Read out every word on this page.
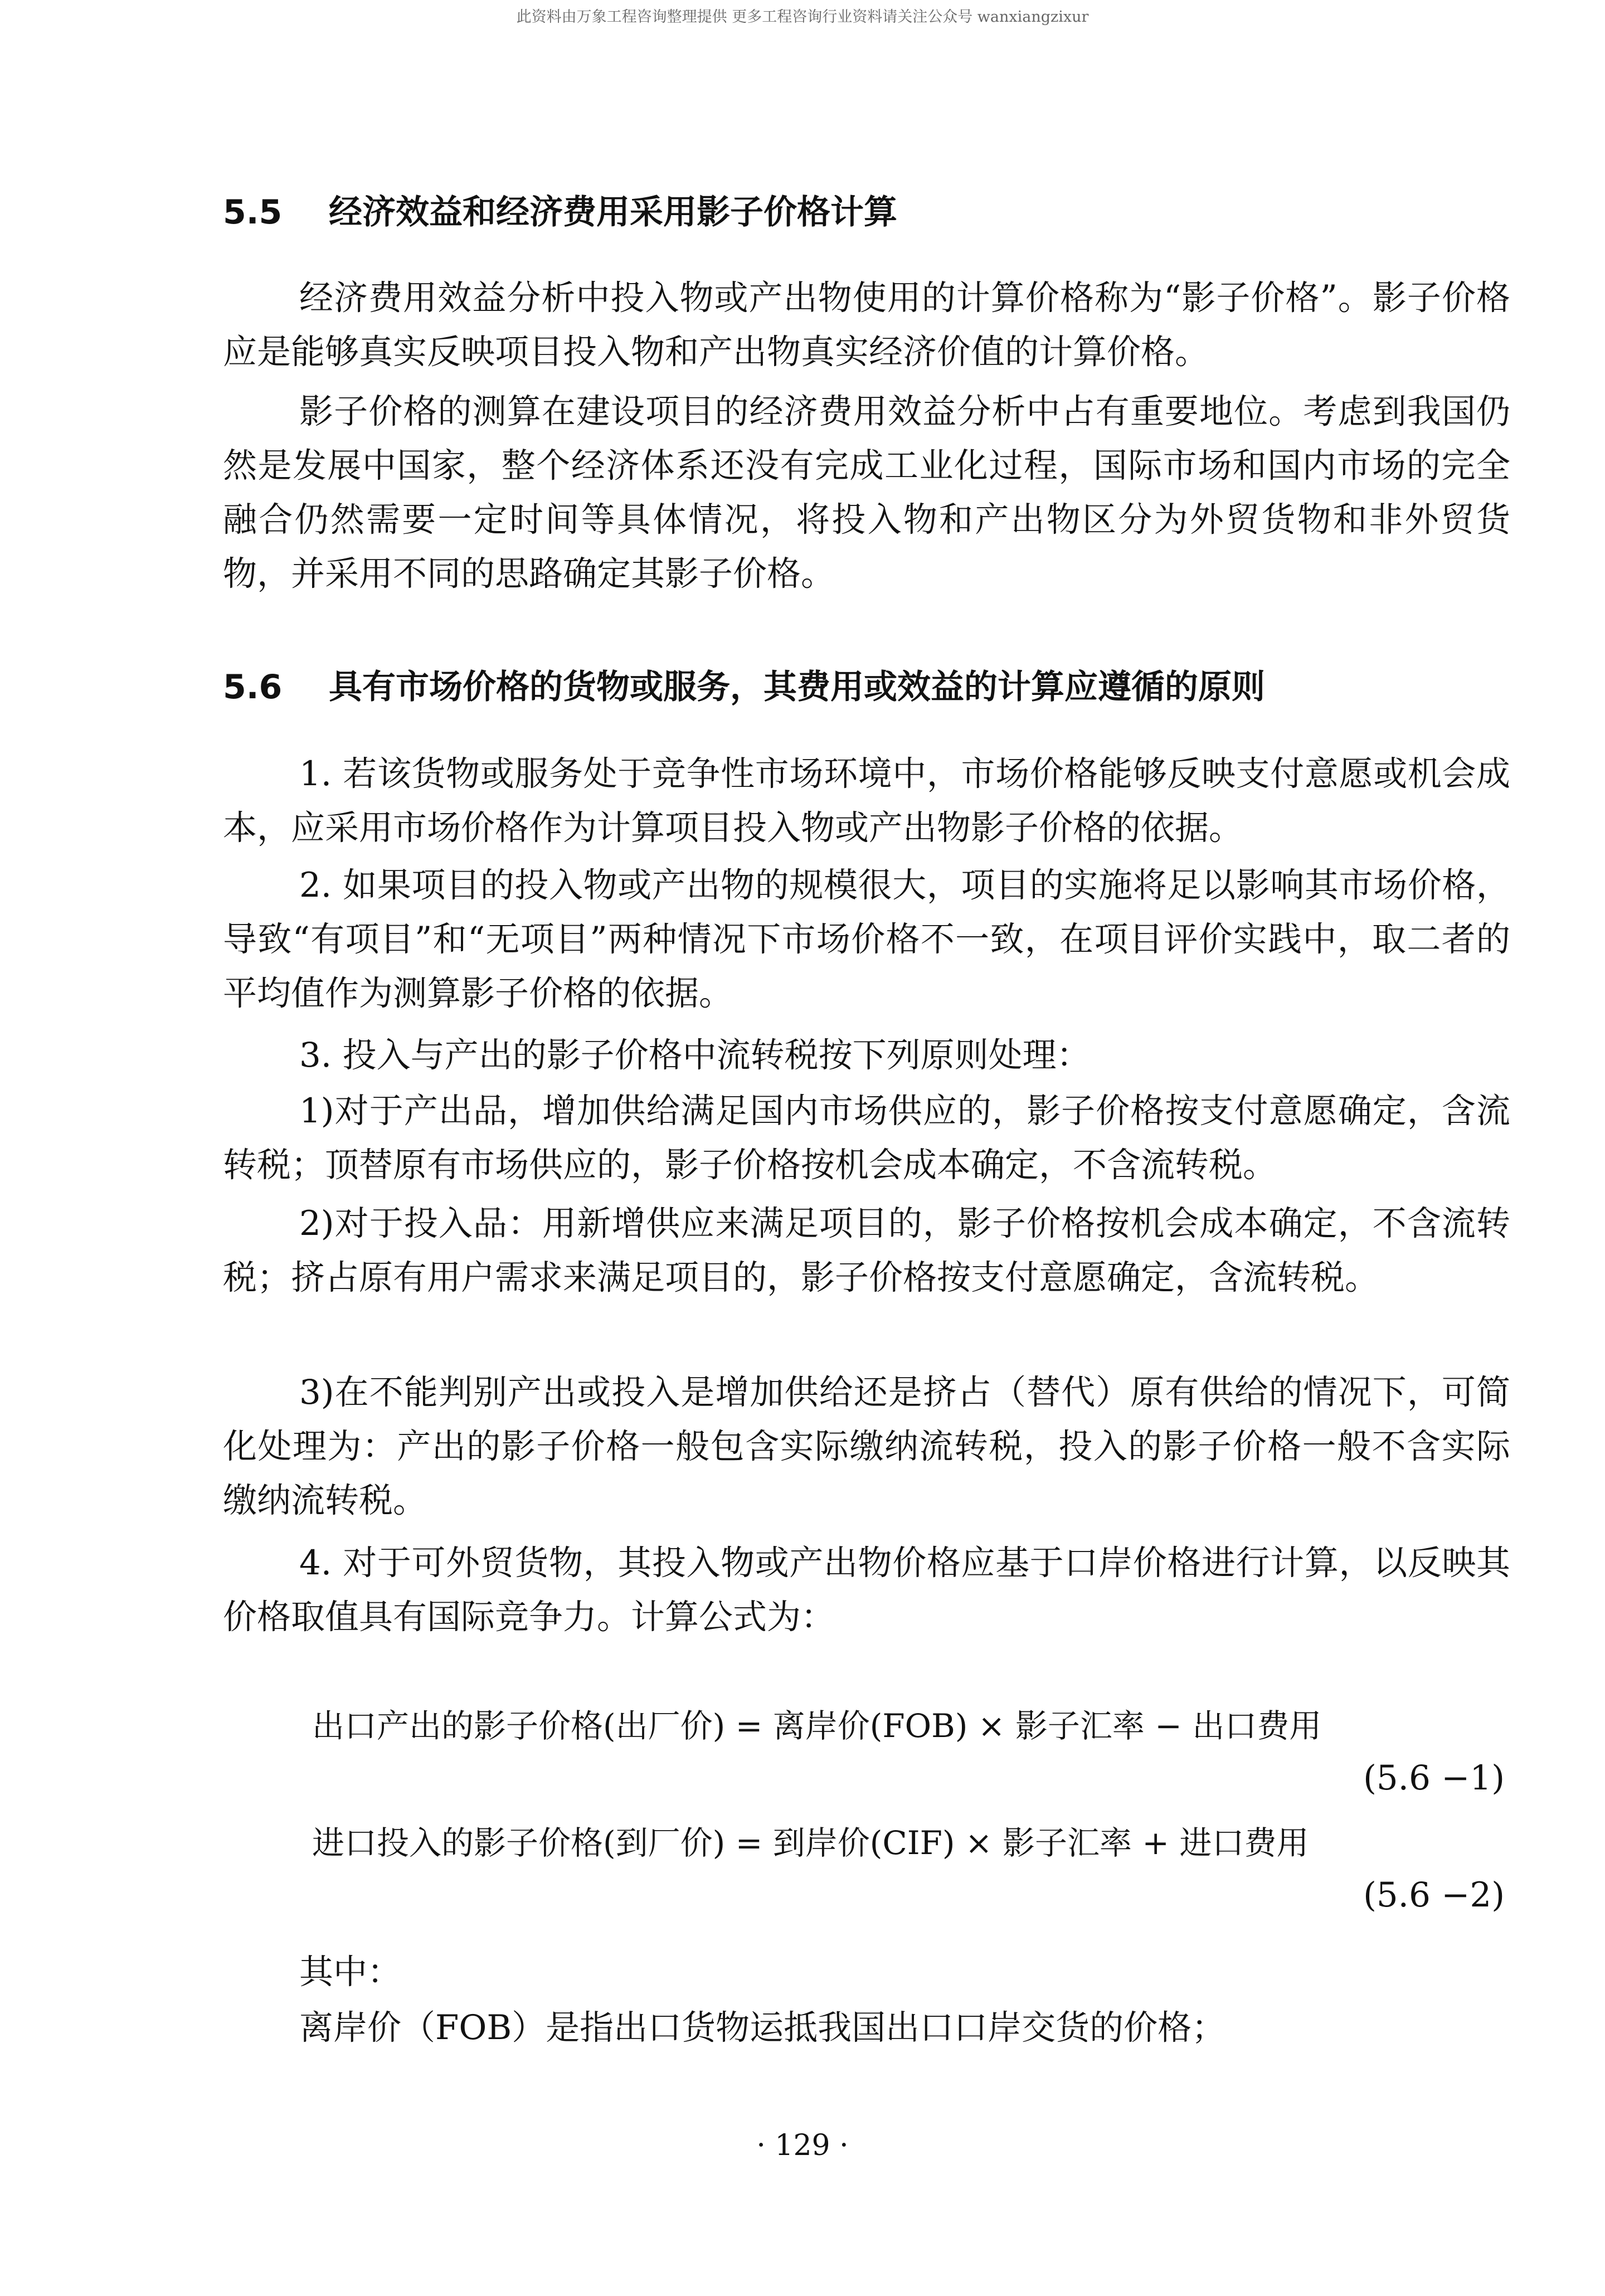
此资料由万象工程咨询整理提供 更多工程咨询行业资料请关注公众号 wanxiangzixur
5.5 经济效益和经济费用采用影子价格计算
经济费用效益分析中投入物或产出物使用的计算价格称为“影子价格”。影子价格应是能够真实反映项目投入物和产出物真实经济价值的计算价格。
影子价格的测算在建设项目的经济费用效益分析中占有重要地位。考虑到我国仍然是发展中国家，整个经济体系还没有完成工业化过程，国际市场和国内市场的完全融合仍然需要一定时间等具体情况，将投入物和产出物区分为外贸货物和非外贸货物，并采用不同的思路确定其影子价格。
5.6 具有市场价格的货物或服务，其费用或效益的计算应遵循的原则
1. 若该货物或服务处于竞争性市场环境中，市场价格能够反映支付意愿或机会成本，应采用市场价格作为计算项目投入物或产出物影子价格的依据。
2. 如果项目的投入物或产出物的规模很大，项目的实施将足以影响其市场价格，导致“有项目”和“无项目”两种情况下市场价格不一致，在项目评价实践中，取二者的平均值作为测算影子价格的依据。
3. 投入与产出的影子价格中流转税按下列原则处理：
1)对于产出品，增加供给满足国内市场供应的，影子价格按支付意愿确定，含流转税；顶替原有市场供应的，影子价格按机会成本确定，不含流转税。
2)对于投入品：用新增供应来满足项目的，影子价格按机会成本确定，不含流转税；挤占原有用户需求来满足项目的，影子价格按支付意愿确定，含流转税。
3)在不能判别产出或投入是增加供给还是挤占（替代）原有供给的情况下，可简化处理为：产出的影子价格一般包含实际缴纳流转税，投入的影子价格一般不含实际缴纳流转税。
4. 对于可外贸货物，其投入物或产出物价格应基于口岸价格进行计算，以反映其价格取值具有国际竞争力。计算公式为：
出口产出的影子价格(出厂价) = 离岸价(FOB) × 影子汇率 − 出口费用
(5.6 −1)
进口投入的影子价格(到厂价) = 到岸价(CIF) × 影子汇率 + 进口费用
(5.6 −2)
其中：
离岸价（FOB）是指出口货物运抵我国出口口岸交货的价格；
· 129 ·
